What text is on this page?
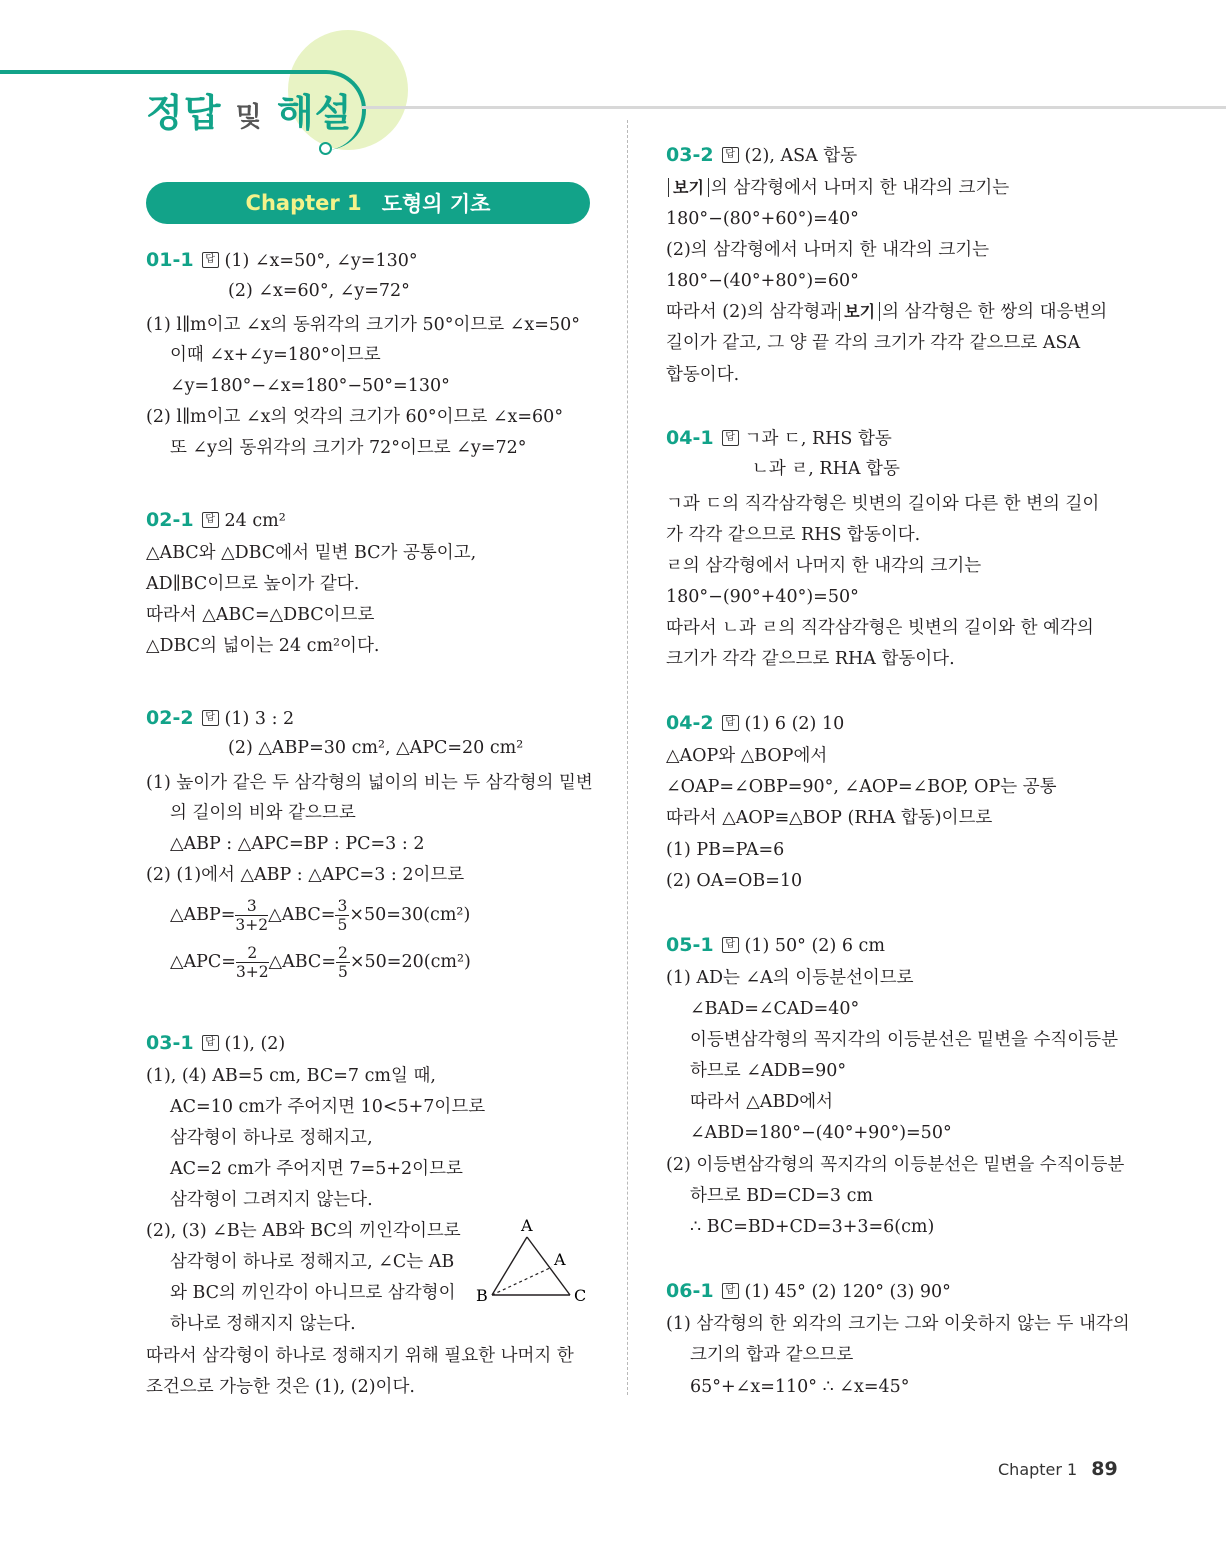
정답 및 해설
Chapter 1 도형의 기초
01-1 답 (1) ∠x=50°, ∠y=130°
(2) ∠x=60°, ∠y=72°
(1) l∥m이고 ∠x의 동위각의 크기가 50°이므로 ∠x=50°
이때 ∠x+∠y=180°이므로
∠y=180°−∠x=180°−50°=130°
(2) l∥m이고 ∠x의 엇각의 크기가 60°이므로 ∠x=60°
또 ∠y의 동위각의 크기가 72°이므로 ∠y=72°
02-1 답 24 cm²
△ABC와 △DBC에서 밑변 BC가 공통이고,
AD∥BC이므로 높이가 같다.
따라서 △ABC=△DBC이므로
△DBC의 넓이는 24 cm²이다.
02-2 답 (1) 3 : 2
(2) △ABP=30 cm², △APC=20 cm²
(1) 높이가 같은 두 삼각형의 넓이의 비는 두 삼각형의 밑변
의 길이의 비와 같으므로
△ABP : △APC=BP : PC=3 : 2
(2) (1)에서 △ABP : △APC=3 : 2이므로
△ABP= $\frac{3}{3+2}$ △ABC= $\frac{3}{5} \times 50=30(cm^2)$
△APC= $\frac{2}{3+2}$ △ABC= $\frac{2}{5} \times 50=20(cm^2)$
03-1 답 (1), (2)
(1), (4) AB=5 cm, BC=7 cm일 때,
AC=10 cm가 주어지면 10<5+7이므로
삼각형이 하나로 정해지고,
AC=2 cm가 주어지면 7=5+2이므로
삼각형이 그려지지 않는다.
(2), (3) ∠B는 AB와 BC의 끼인각이므로
삼각형이 하나로 정해지고, ∠C는 AB
와 BC의 끼인각이 아니므로 삼각형이
하나로 정해지지 않는다.
따라서 삼각형이 하나로 정해지기 위해 필요한 나머지 한
조건으로 가능한 것은 (1), (2)이다.
A
A
B	C
03-2 답 (2), ASA 합동
보기 의 삼각형에서 나머지 한 내각의 크기는
180°−(80°+60°)=40°
(2)의 삼각형에서 나머지 한 내각의 크기는
180°−(40°+80°)=60°
따라서 (2)의 삼각형과 보기 의 삼각형은 한 쌍의 대응변의
길이가 같고, 그 양 끝 각의 크기가 각각 같으므로 ASA
합동이다.
04-1 답 ㄱ과 ㄷ, RHS 합동
ㄴ과 ㄹ, RHA 합동
ㄱ과 ㄷ의 직각삼각형은 빗변의 길이와 다른 한 변의 길이
가 각각 같으므로 RHS 합동이다.
ㄹ의 삼각형에서 나머지 한 내각의 크기는
180°−(90°+40°)=50°
따라서 ㄴ과 ㄹ의 직각삼각형은 빗변의 길이와 한 예각의
크기가 각각 같으므로 RHA 합동이다.
04-2 답 (1) 6 (2) 10
△AOP와 △BOP에서
∠OAP=∠OBP=90°, ∠AOP=∠BOP, OP는 공통
따라서 △AOP≡△BOP (RHA 합동)이므로
(1) PB=PA=6
(2) OA=OB=10
05-1 답 (1) 50° (2) 6 cm
(1) AD는 ∠A의 이등분선이므로
∠BAD=∠CAD=40°
이등변삼각형의 꼭지각의 이등분선은 밑변을 수직이등분
하므로 ∠ADB=90°
따라서 △ABD에서
∠ABD=180°−(40°+90°)=50°
(2) 이등변삼각형의 꼭지각의 이등분선은 밑변을 수직이등분
하므로 BD=CD=3 cm
∴ BC=BD+CD=3+3=6(cm)
06-1 답 (1) 45° (2) 120° (3) 90°
(1) 삼각형의 한 외각의 크기는 그와 이웃하지 않는 두 내각의
크기의 합과 같으므로
65°+∠x=110° ∴ ∠x=45°
Chapter 1 89
